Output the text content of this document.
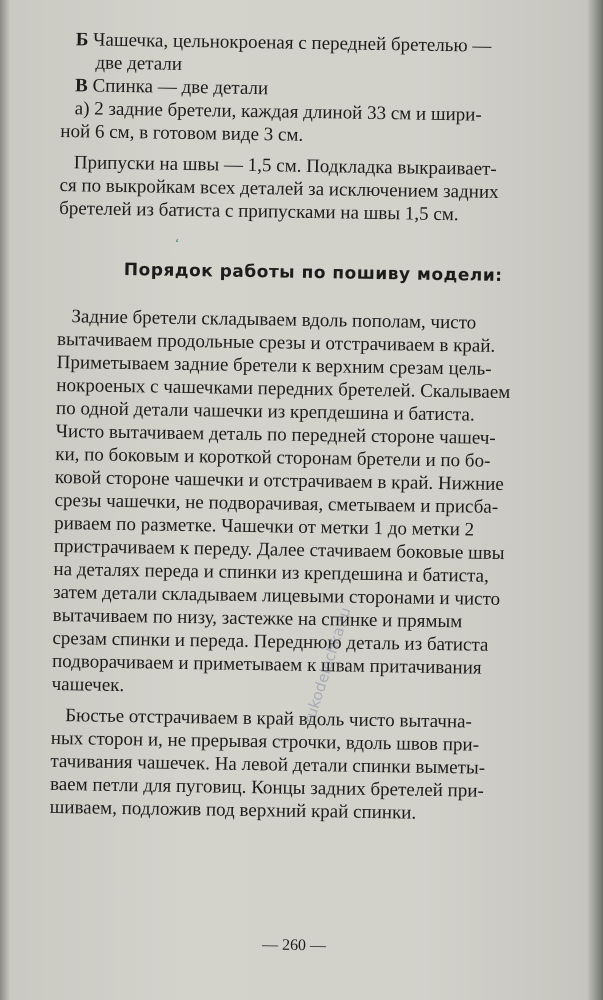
Б Чашечка, цельнокроеная с передней бретелью —
две детали
В Спинка — две детали
а) 2 задние бретели, каждая длиной 33 см и шири-
ной 6 см, в готовом виде 3 см.
Припуски на швы — 1,5 см. Подкладка выкраивает-
ся по выкройкам всех деталей за исключением задних
бретелей из батиста с припусками на швы 1,5 см.
Порядок работы по пошиву модели:
Задние бретели складываем вдоль пополам, чисто
вытачиваем продольные срезы и отстрачиваем в край.
Приметываем задние бретели к верхним срезам цель-
нокроеных с чашечками передних бретелей. Скалываем
по одной детали чашечки из крепдешина и батиста.
Чисто вытачиваем деталь по передней стороне чашеч-
ки, по боковым и короткой сторонам бретели и по бо-
ковой стороне чашечки и отстрачиваем в край. Нижние
срезы чашечки, не подворачивая, сметываем и присба-
риваем по разметке. Чашечки от метки 1 до метки 2
пристрачиваем к переду. Далее стачиваем боковые швы
на деталях переда и спинки из крепдешина и батиста,
затем детали складываем лицевыми сторонами и чисто
вытачиваем по низу, застежке на спинке и прямым
срезам спинки и переда. Переднюю деталь из батиста
подворачиваем и приметываем к швам притачивания
чашечек.
Бюстье отстрачиваем в край вдоль чисто вытачна-
ных сторон и, не прерывая строчки, вдоль швов при-
тачивания чашечек. На левой детали спинки выметы-
ваем петли для пуговиц. Концы задних бретелей при-
шиваем, подложив под верхний край спинки.
‘
rukodelochka.ru
— 260 —
